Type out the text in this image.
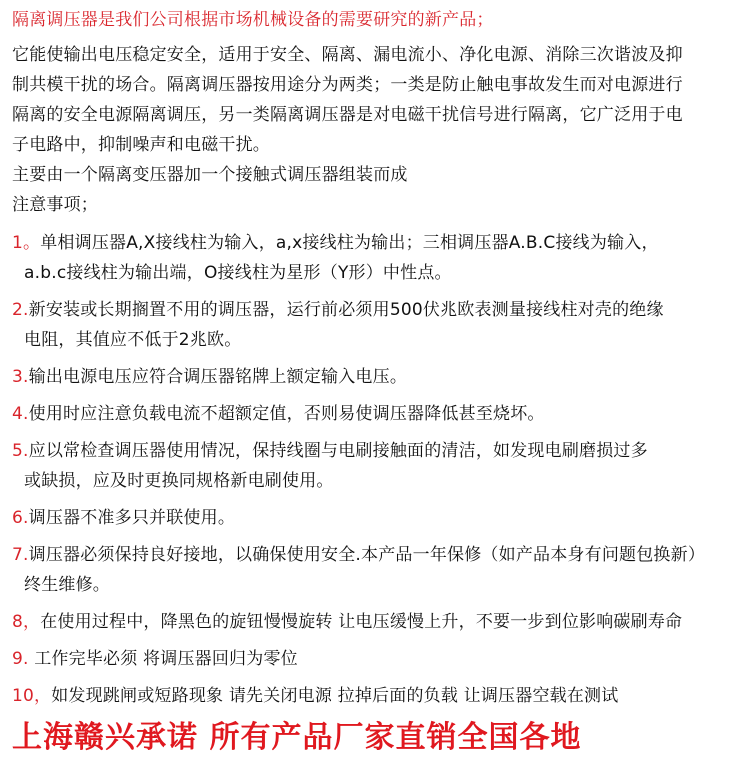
隔离调压器是我们公司根据市场机械设备的需要研究的新产品；
它能使输出电压稳定安全，适用于安全、隔离、漏电流小、净化电源、消除三次谐波及抑
制共模干扰的场合。隔离调压器按用途分为两类；一类是防止触电事故发生而对电源进行
隔离的安全电源隔离调压，另一类隔离调压器是对电磁干扰信号进行隔离，它广泛用于电
子电路中，抑制噪声和电磁干扰。
主要由一个隔离变压器加一个接触式调压器组装而成
注意事项；
1。单相调压器A,X接线柱为输入，a,x接线柱为输出；三相调压器A.B.C接线为输入，
a.b.c接线柱为输出端，O接线柱为星形（Y形）中性点。
2.新安装或长期搁置不用的调压器，运行前必须用500伏兆欧表测量接线柱对壳的绝缘
电阻，其值应不低于2兆欧。
3.输出电源电压应符合调压器铭牌上额定输入电压。
4.使用时应注意负载电流不超额定值，否则易使调压器降低甚至烧坏。
5.应以常检查调压器使用情况，保持线圈与电刷接触面的清洁，如发现电刷磨损过多
或缺损，应及时更换同规格新电刷使用。
6.调压器不准多只并联使用。
7.调压器必须保持良好接地，以确保使用安全.本产品一年保修（如产品本身有问题包换新）
终生维修。
8，在使用过程中，降黑色的旋钮慢慢旋转 让电压缓慢上升，不要一步到位影响碳刷寿命
9. 工作完毕必须 将调压器回归为零位
10，如发现跳闸或短路现象 请先关闭电源 拉掉后面的负载 让调压器空载在测试
上海赣兴承诺 所有产品厂家直销全国各地
